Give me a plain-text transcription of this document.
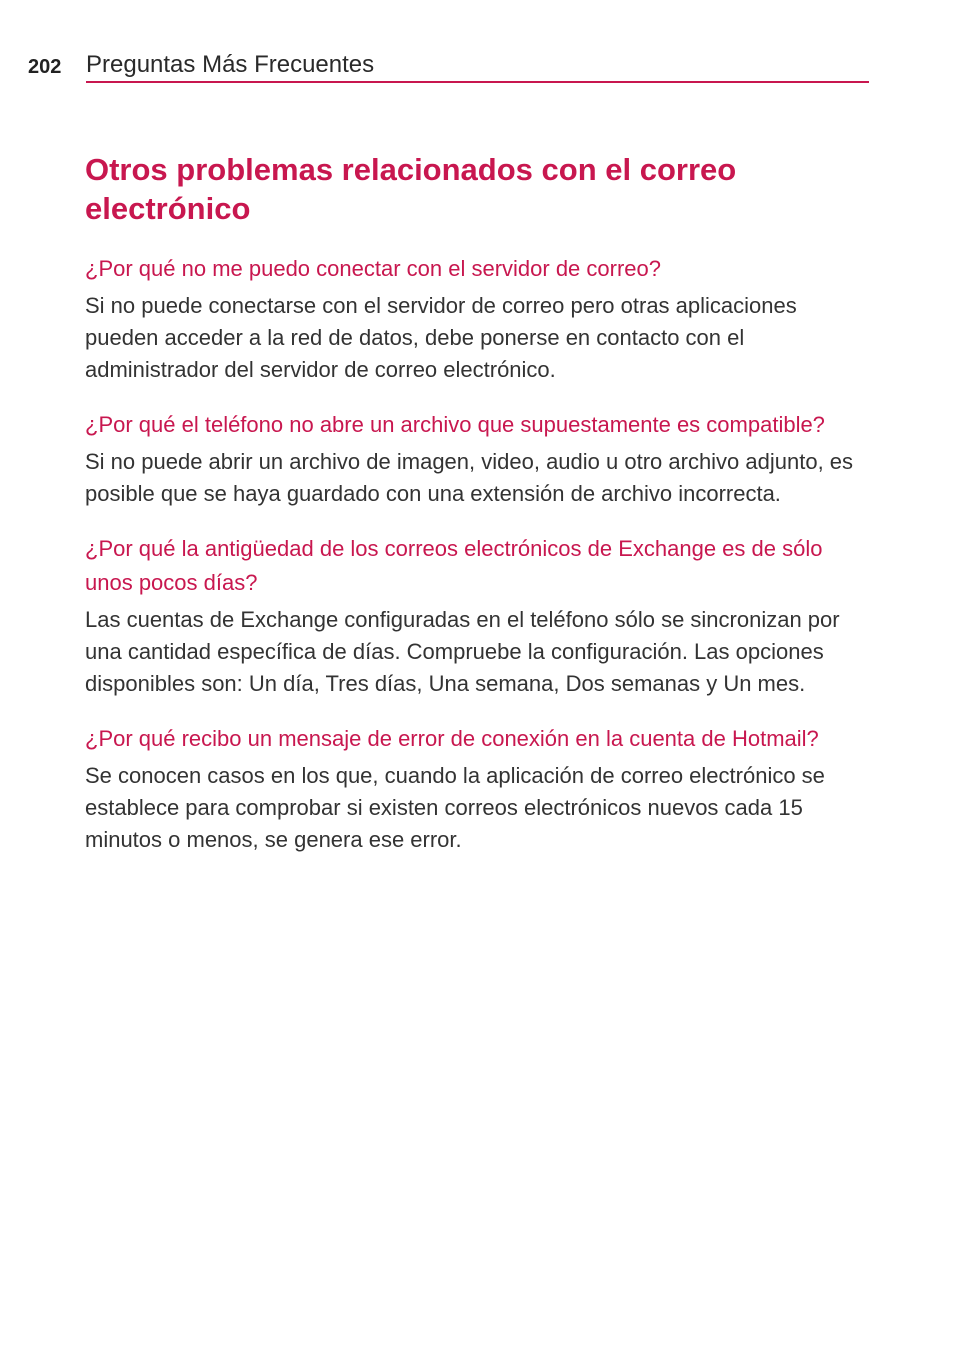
202 Preguntas Más Frecuentes
Otros problemas relacionados con el correo electrónico
¿Por qué no me puedo conectar con el servidor de correo?
Si no puede conectarse con el servidor de correo pero otras aplicaciones pueden acceder a la red de datos, debe ponerse en contacto con el administrador del servidor de correo electrónico.
¿Por qué el teléfono no abre un archivo que supuestamente es compatible?
Si no puede abrir un archivo de imagen, video, audio u otro archivo adjunto, es posible que se haya guardado con una extensión de archivo incorrecta.
¿Por qué la antigüedad de los correos electrónicos de Exchange es de sólo unos pocos días?
Las cuentas de Exchange configuradas en el teléfono sólo se sincronizan por una cantidad específica de días. Compruebe la configuración. Las opciones disponibles son: Un día, Tres días, Una semana, Dos semanas y Un mes.
¿Por qué recibo un mensaje de error de conexión en la cuenta de Hotmail?
Se conocen casos en los que, cuando la aplicación de correo electrónico se establece para comprobar si existen correos electrónicos nuevos cada 15 minutos o menos, se genera ese error.
